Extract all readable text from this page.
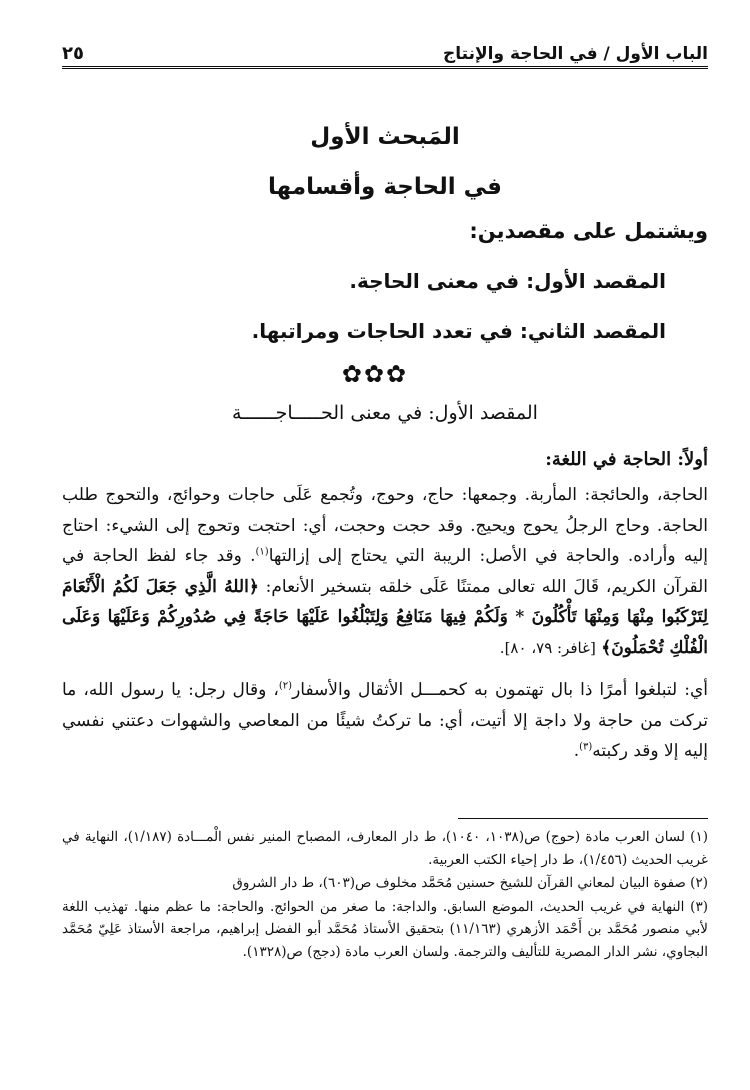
الباب الأول / في الحاجة والإنتاج
٢٥
المَبحث الأول
في الحاجة وأقسامها
ويشتمل على مقصدين:
المقصد الأول: في معنى الحاجة.
المقصد الثاني: في تعدد الحاجات ومراتبها.
✿✿✿
المقصد الأول: في معنى الحـــــاجــــــة
أولاً: الحاجة في اللغة:

الحاجة، والحائجة: المأربة. وجمعها: حاج، وحوج، وتُجمع عَلَى حاجات وحوائج، والتحوج طلب الحاجة. وحاج الرجلُ يحوج ويحيج. وقد حجت وحجت، أي: احتجت وتحوج إلى الشيء: احتاج إليه وأراده. والحاجة في الأصل: الريبة التي يحتاج إلى إزالتها$^{(١)}$. وقد جاء لفظ الحاجة في القرآن الكريم، قَالَ الله تعالى ممتنًا عَلَى خلقه بتسخير الأنعام: ﴿اللهُ الَّذِي جَعَلَ لَكُمُ الْأَنْعَامَ لِتَرْكَبُوا مِنْهَا وَمِنْهَا تَأْكُلُونَ * وَلَكُمْ فِيهَا مَنَافِعُ وَلِتَبْلُغُوا عَلَيْهَا حَاجَةً فِي صُدُورِكُمْ وَعَلَيْهَا وَعَلَى الْفُلْكِ تُحْمَلُونَ﴾ [غافر: ٧٩، ٨٠].

أي: لتبلغوا أمرًا ذا بال تهتمون به كحمـــل الأثقال والأسفار$^{(٢)}$، وقال رجل: يا رسول الله، ما تركت من حاجة ولا داجة إلا أتيت، أي: ما تركتُ شيئًا من المعاصي والشهوات دعتني نفسي إليه إلا وقد ركبته$^{(٣)}$.

(١) لسان العرب مادة (حوج) ص(١٠٣٨، ١٠٤٠)، ط دار المعارف، المصباح المنير نفس الْمـــادة (١/١٨٧)، النهاية في غريب الحديث (١/٤٥٦)، ط دار إحياء الكتب العربية.

(٢) صفوة البيان لمعاني القرآن للشيخ حسنين مُحَمَّد مخلوف ص(٦٠٣)، ط دار الشروق

(٣) النهاية في غريب الحديث، الموضع السابق. والداجة: ما صغر من الحوائج. والحاجة: ما عظم منها. تهذيب اللغة لأبي منصور مُحَمَّد بن أَحْمَد الأزهري (١١/١٦٣) بتحقيق الأستاذ مُحَمَّد أبو الفضل إبراهيم، مراجعة الأستاذ عَلِيّ مُحَمَّد البجاوي، نشر الدار المصرية للتأليف والترجمة. ولسان العرب مادة (دجج) ص(١٣٢٨).
